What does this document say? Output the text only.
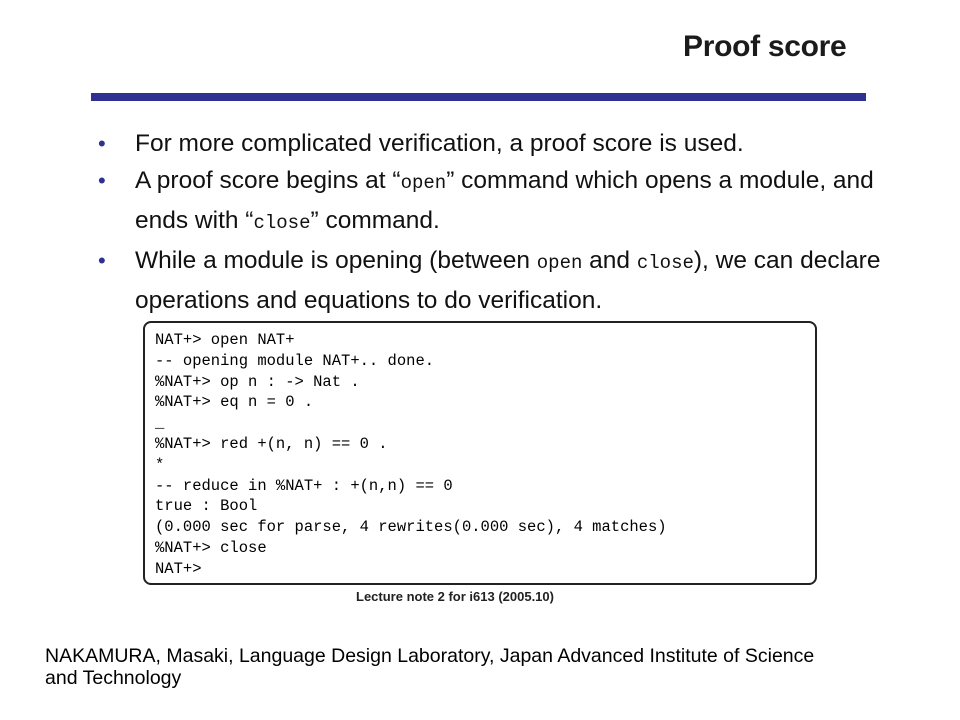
Proof score
• For more complicated verification, a proof score is used.
• A proof score begins at “open” command which opens a module, and ends with “close” command.
• While a module is opening (between open and close), we can declare operations and equations to do verification.
NAT+> open NAT+
-- opening module NAT+.. done.
%NAT+> op n : -> Nat .
%NAT+> eq n = 0 .
_
%NAT+> red +(n, n) == 0 .
*
-- reduce in %NAT+ : +(n,n) == 0
true : Bool
(0.000 sec for parse, 4 rewrites(0.000 sec), 4 matches)
%NAT+> close
NAT+>
Lecture note 2 for i613 (2005.10)
NAKAMURA, Masaki, Language Design Laboratory, Japan Advanced Institute of Science and Technology
